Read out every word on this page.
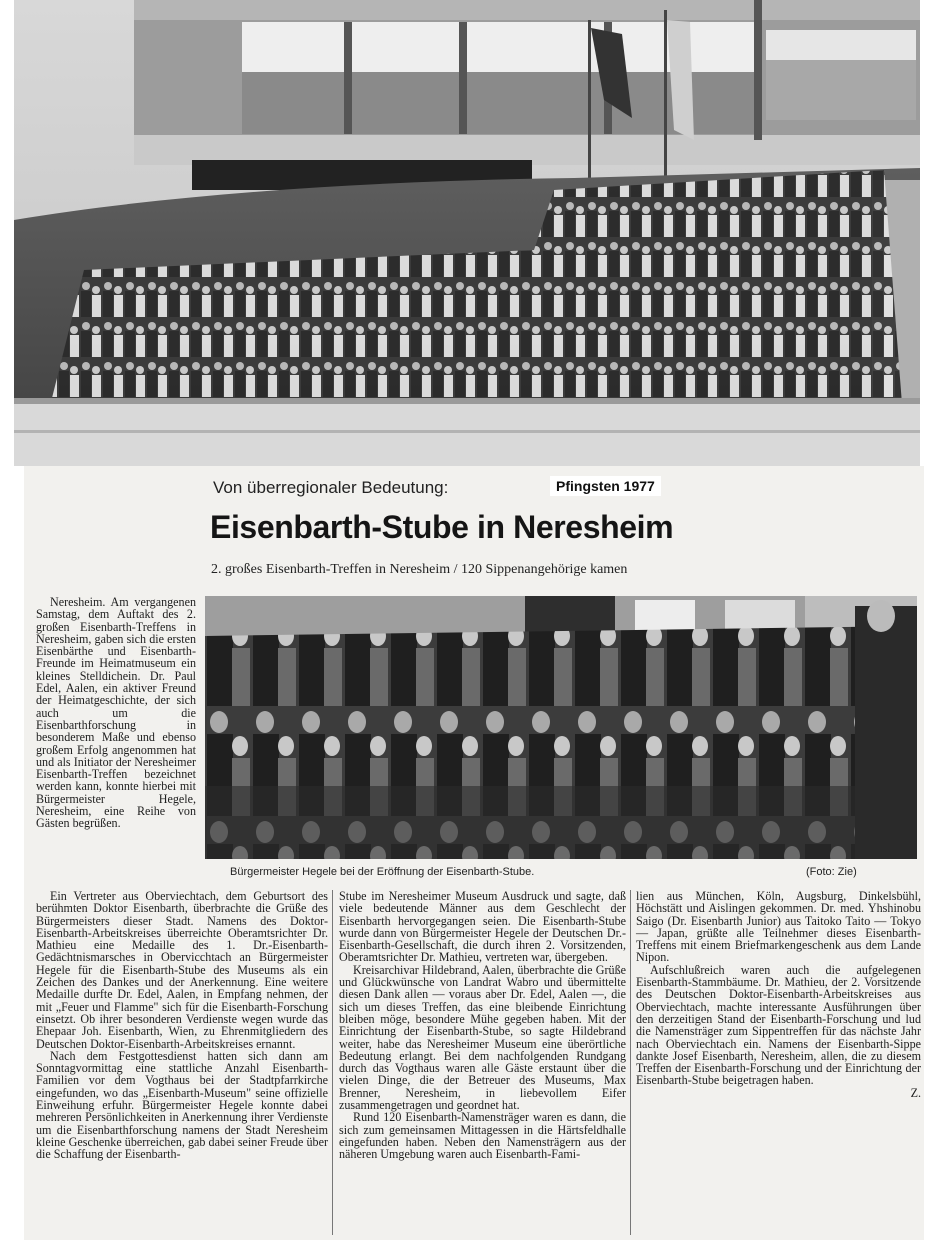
Von überregionaler Bedeutung:	Pfingsten 1977
Eisenbarth-Stube in Neresheim
2. großes Eisenbarth-Treffen in Neresheim / 120 Sippenangehörige kamen

Neresheim. Am vergangenen Samstag, dem Auftakt des 2. großen Eisenbarth-Treffens in Neresheim, gaben sich die ersten Eisenbärthe und Eisenbarth-Freunde im Heimatmuseum ein kleines Stelldichein. Dr. Paul Edel, Aalen, ein aktiver Freund der Heimatgeschichte, der sich auch um die Eisenbarthforschung in besonderem Maße und ebenso großem Erfolg angenommen hat und als Initiator der Neresheimer Eisenbarth-Treffen bezeichnet werden kann, konnte hierbei mit Bürgermeister Hegele, Neresheim, eine Reihe von Gästen begrüßen.

Bürgermeister Hegele bei der Eröffnung der Eisenbarth-Stube.	(Foto: Zie)

Ein Vertreter aus Oberviechtach, dem Geburtsort des berühmten Doktor Eisenbarth, überbrachte die Grüße des Bürgermeisters dieser Stadt. Namens des Doktor-Eisenbarth-Arbeitskreises überreichte Oberamtsrichter Dr. Mathieu eine Medaille des 1. Dr.-Eisenbarth-Gedächtnismarsches in Obervicchtach an Bürgermeister Hegele für die Eisenbarth-Stube des Museums als ein Zeichen des Dankes und der Anerkennung. Eine weitere Medaille durfte Dr. Edel, Aalen, in Empfang nehmen, der mit „Feuer und Flamme" sich für die Eisenbarth-Forschung einsetzt. Ob ihrer besonderen Verdienste wegen wurde das Ehepaar Joh. Eisenbarth, Wien, zu Ehrenmitgliedern des Deutschen Doktor-Eisenbarth-Arbeitskreises ernannt.

Nach dem Festgottesdienst hatten sich dann am Sonntagvormittag eine stattliche Anzahl Eisenbarth-Familien vor dem Vogthaus bei der Stadtpfarrkirche eingefunden, wo das „Eisenbarth-Museum" seine offizielle Einweihung erfuhr. Bürgermeister Hegele konnte dabei mehreren Persönlichkeiten in Anerkennung ihrer Verdienste um die Eisenbarthforschung namens der Stadt Neresheim kleine Geschenke überreichen, gab dabei seiner Freude über die Schaffung der Eisenbarth-

Stube im Neresheimer Museum Ausdruck und sagte, daß viele bedeutende Männer aus dem Geschlecht der Eisenbarth hervorgegangen seien. Die Eisenbarth-Stube wurde dann von Bürgermeister Hegele der Deutschen Dr.-Eisenbarth-Gesellschaft, die durch ihren 2. Vorsitzenden, Oberamtsrichter Dr. Mathieu, vertreten war, übergeben.

Kreisarchivar Hildebrand, Aalen, überbrachte die Grüße und Glückwünsche von Landrat Wabro und übermittelte diesen Dank allen — voraus aber Dr. Edel, Aalen —, die sich um dieses Treffen, das eine bleibende Einrichtung bleiben möge, besondere Mühe gegeben haben. Mit der Einrichtung der Eisenbarth-Stube, so sagte Hildebrand weiter, habe das Neresheimer Museum eine überörtliche Bedeutung erlangt. Bei dem nachfolgenden Rundgang durch das Vogthaus waren alle Gäste erstaunt über die vielen Dinge, die der Betreuer des Museums, Max Brenner, Neresheim, in liebevollem Eifer zusammengetragen und geordnet hat.

Rund 120 Eisenbarth-Namensträger waren es dann, die sich zum gemeinsamen Mittagessen in die Härtsfeldhalle eingefunden haben. Neben den Namensträgern aus der näheren Umgebung waren auch Eisenbarth-Fami-

lien aus München, Köln, Augsburg, Dinkelsbühl, Höchstätt und Aislingen gekommen. Dr. med. Yhshinobu Saigo (Dr. Eisenbarth Junior) aus Taitoko Taito — Tokyo — Japan, grüßte alle Teilnehmer dieses Eisenbarth-Treffens mit einem Briefmarkengeschenk aus dem Lande Nipon.

Aufschlußreich waren auch die aufgelegenen Eisenbarth-Stammbäume. Dr. Mathieu, der 2. Vorsitzende des Deutschen Doktor-Eisenbarth-Arbeitskreises aus Oberviechtach, machte interessante Ausführungen über den derzeitigen Stand der Eisenbarth-Forschung und lud die Namensträger zum Sippentreffen für das nächste Jahr nach Oberviechtach ein. Namens der Eisenbarth-Sippe dankte Josef Eisenbarth, Neresheim, allen, die zu diesem Treffen der Eisenbarth-Forschung und der Einrichtung der Eisenbarth-Stube beigetragen haben.

Z.
